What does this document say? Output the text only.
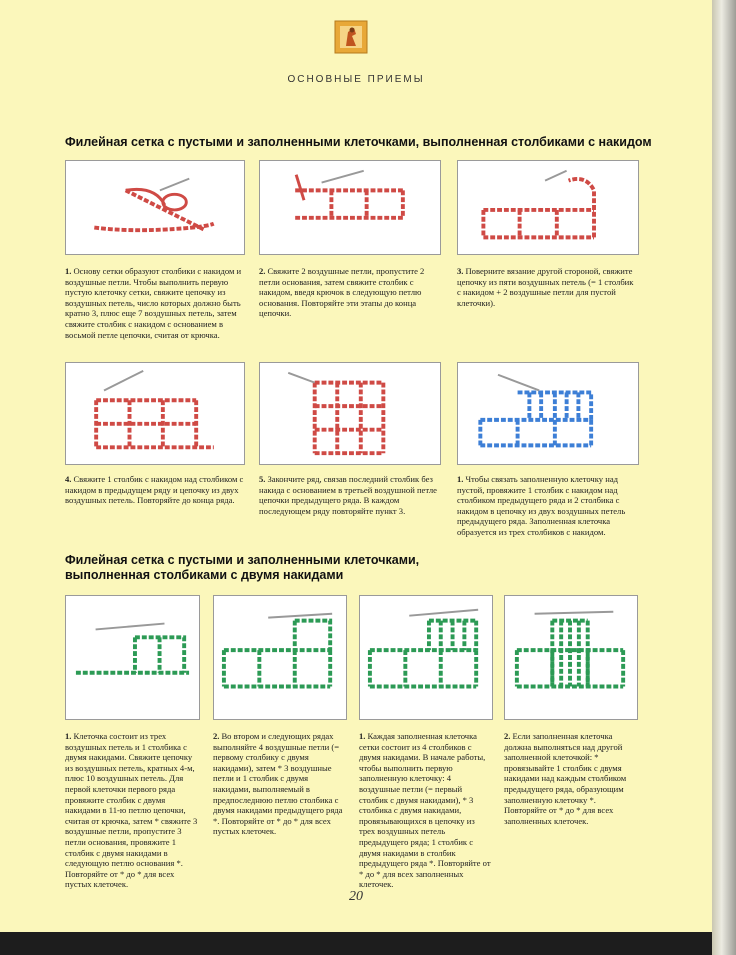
ОСНОВНЫЕ ПРИЕМЫ
Филейная сетка с пустыми и заполненными клеточками, выполненная столбиками с накидом
1. Основу сетки образуют столбики с накидом и воздушные петли. Чтобы выполнить первую пустую клеточку сетки, свяжите цепочку из воздушных петель, число которых должно быть кратно 3, плюс еще 7 воздушных петель, затем свяжите столбик с накидом с основанием в восьмой петле цепочки, считая от крючка.
2. Свяжите 2 воздушные петли, пропустите 2 петли основания, затем свяжите столбик с накидом, введя крючок в следующую петлю основания. Повторяйте эти этапы до конца цепочки.
3. Поверните вязание другой стороной, свяжите цепочку из пяти воздушных петель (= 1 столбик с накидом + 2 воздушные петли для пустой клеточки).
4. Свяжите 1 столбик с накидом над столбиком с накидом в предыдущем ряду и цепочку из двух воздушных петель. Повторяйте до конца ряда.
5. Закончите ряд, связав последний столбик без накида с основанием в третьей воздушной петле цепочки предыдущего ряда. В каждом последующем ряду повторяйте пункт 3.
1. Чтобы связать заполненную клеточку над пустой, провяжите 1 столбик с накидом над столбиком предыдущего ряда и 2 столбика с накидом в цепочку из двух воздушных петель предыдущего ряда. Заполненная клеточка образуется из трех столбиков с накидом.
Филейная сетка с пустыми и заполненными клеточками,
выполненная столбиками с двумя накидами
1. Клеточка состоит из трех воздушных петель и 1 столбика с двумя накидами. Свяжите цепочку из воздушных петель, кратных 4-м, плюс 10 воздушных петель. Для первой клеточки первого ряда провяжите столбик с двумя накидами в 11-ю петлю цепочки, считая от крючка, затем * свяжите 3 воздушные петли, пропустите 3 петли основания, провяжите 1 столбик с двумя накидами в следующую петлю основания *. Повторяйте от * до * для всех пустых клеточек.
2. Во втором и следующих рядах выполняйте 4 воздушные петли (= первому столбику с двумя накидами), затем * 3 воздушные петли и 1 столбик с двумя накидами, выполняемый в предпоследнюю петлю столбика с двумя накидами предыдущего ряда *. Повторяйте от * до * для всех пустых клеточек.
1. Каждая заполненная клеточка сетки состоит из 4 столбиков с двумя накидами. В начале работы, чтобы выполнить первую заполненную клеточку: 4 воздушные петли (= первый столбик с двумя накидами), * 3 столбика с двумя накидами, провязывающихся в цепочку из трех воздушных петель предыдущего ряда; 1 столбик с двумя накидами в столбик предыдущего ряда *. Повторяйте от * до * для всех заполненных клеточек.
2. Если заполненная клеточка должна выполняться над другой заполненной клеточкой: * провязывайте 1 столбик с двумя накидами над каждым столбиком предыдущего ряда, образующим заполненную клеточку *. Повторяйте от * до * для всех заполненных клеточек.
20
